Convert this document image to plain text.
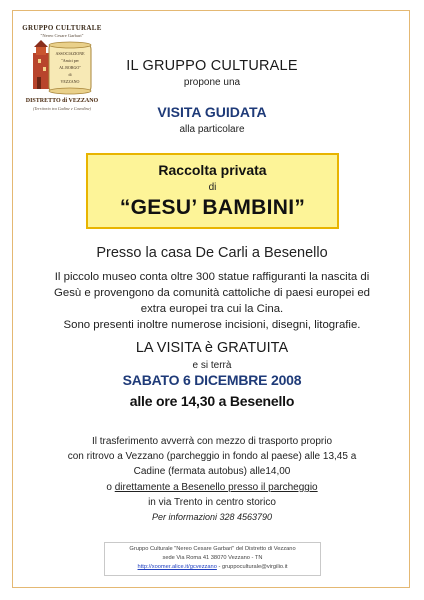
GRUPPO CULTURALE
"Nereo Cesare Garbari"
ASSOCIAZIONE
"Amici per
AL BORGO"
di
VEZZANO
DISTRETTO di VEZZANO
(Territorio tra Cadine e Cavedine)
IL GRUPPO CULTURALE
propone una
VISITA GUIDATA
alla particolare
Raccolta privata
di
“GESU’ BAMBINI”
Presso la casa De Carli a Besenello
Il piccolo museo conta oltre 300 statue raffiguranti la nascita di
Gesù e provengono da comunità cattoliche di paesi europei ed
extra europei tra cui la Cina.
Sono presenti inoltre numerose incisioni, disegni, litografie.
LA VISITA è GRATUITA
e si terrà
SABATO 6 DICEMBRE 2008
alle ore 14,30 a Besenello
Il trasferimento avverrà con mezzo di trasporto proprio
con ritrovo a Vezzano (parcheggio in fondo al paese) alle 13,45 a
Cadine (fermata autobus) alle14,00
o direttamente a Besenello presso il parcheggio
in via Trento in centro storico
Per informazioni 328 4563790
Gruppo Culturale "Nereo Cesare Garbari" del Distretto di Vezzano
sede Via Roma 41 38070 Vezzano - TN
http://xoomer.alice.it/gcvezzano - gruppoculturale@virgilio.it
